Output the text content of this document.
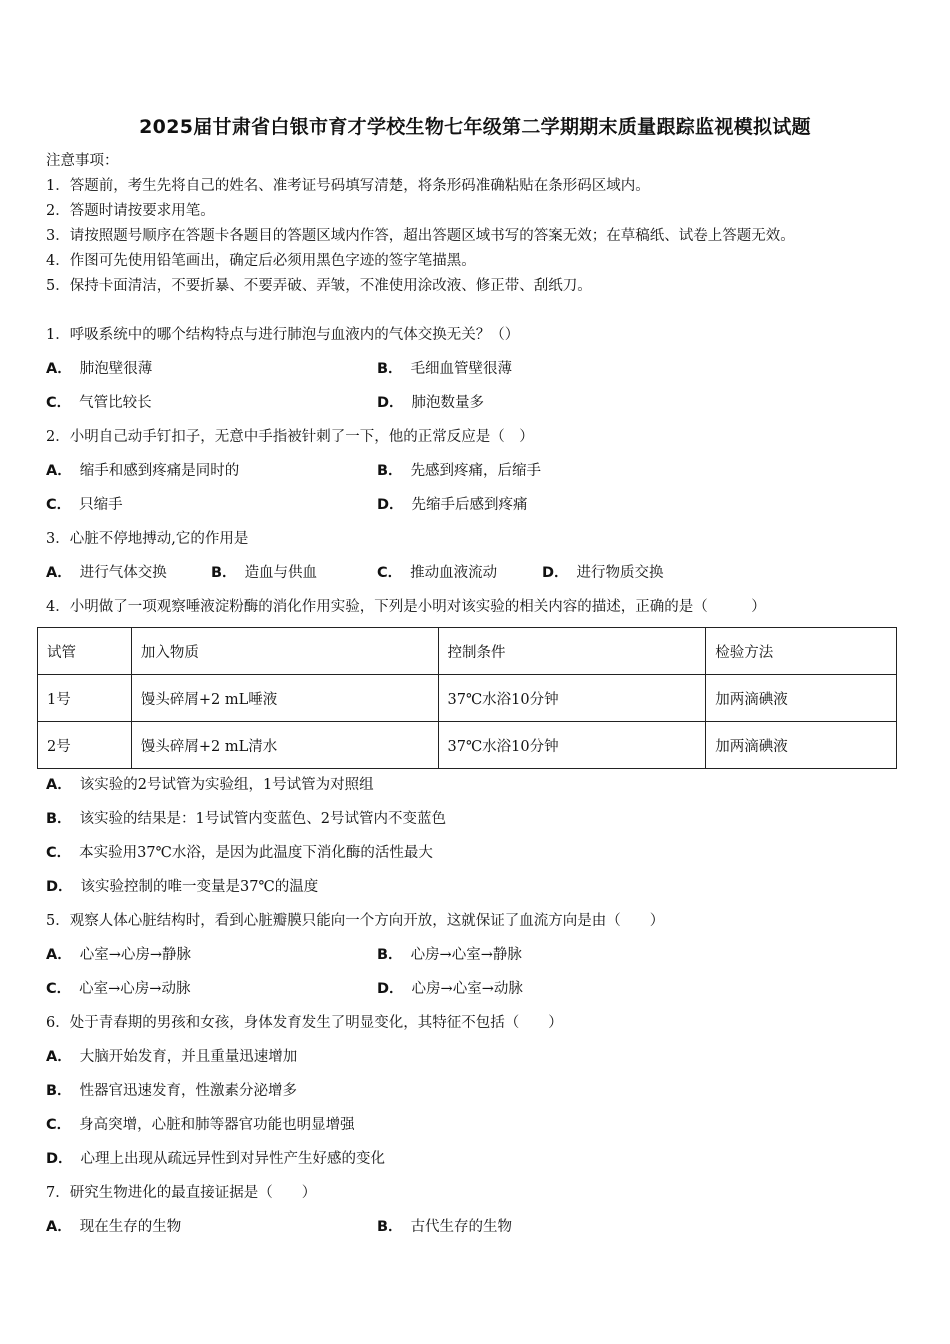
2025届甘肃省白银市育才学校生物七年级第二学期期末质量跟踪监视模拟试题
注意事项：
1．答题前，考生先将自己的姓名、准考证号码填写清楚，将条形码准确粘贴在条形码区域内。
2．答题时请按要求用笔。
3．请按照题号顺序在答题卡各题目的答题区域内作答，超出答题区域书写的答案无效；在草稿纸、试卷上答题无效。
4．作图可先使用铅笔画出，确定后必须用黑色字迹的签字笔描黑。
5．保持卡面清洁，不要折暴、不要弄破、弄皱，不准使用涂改液、修正带、刮纸刀。
1．呼吸系统中的哪个结构特点与进行肺泡与血液内的气体交换无关？（）
A． 肺泡壁很薄	B． 毛细血管壁很薄
C． 气管比较长	D． 肺泡数量多
2．小明自己动手钉扣子，无意中手指被针刺了一下，他的正常反应是（　）
A． 缩手和感到疼痛是同时的	B． 先感到疼痛，后缩手
C． 只缩手	D． 先缩手后感到疼痛
3．心脏不停地搏动,它的作用是
A． 进行气体交换	B． 造血与供血	C． 推动血液流动	D． 进行物质交换
4．小明做了一项观察唾液淀粉酶的消化作用实验，下列是小明对该实验的相关内容的描述，正确的是（　　　）
试管	加入物质	控制条件	检验方法
1号	馒头碎屑+2 mL唾液	37℃水浴10分钟	加两滴碘液
2号	馒头碎屑+2 mL清水	37℃水浴10分钟	加两滴碘液
A． 该实验的2号试管为实验组，1号试管为对照组
B． 该实验的结果是：1号试管内变蓝色、2号试管内不变蓝色
C． 本实验用37℃水浴，是因为此温度下消化酶的活性最大
D． 该实验控制的唯一变量是37℃的温度
5．观察人体心脏结构时，看到心脏瓣膜只能向一个方向开放，这就保证了血流方向是由（　　）
A． 心室→心房→静脉	B． 心房→心室→静脉
C． 心室→心房→动脉	D． 心房→心室→动脉
6．处于青春期的男孩和女孩，身体发育发生了明显变化，其特征不包括（　　）
A． 大脑开始发育，并且重量迅速增加
B． 性器官迅速发育，性激素分泌增多
C． 身高突增，心脏和肺等器官功能也明显增强
D． 心理上出现从疏远异性到对异性产生好感的变化
7．研究生物进化的最直接证据是（　　）
A． 现在生存的生物	B． 古代生存的生物
